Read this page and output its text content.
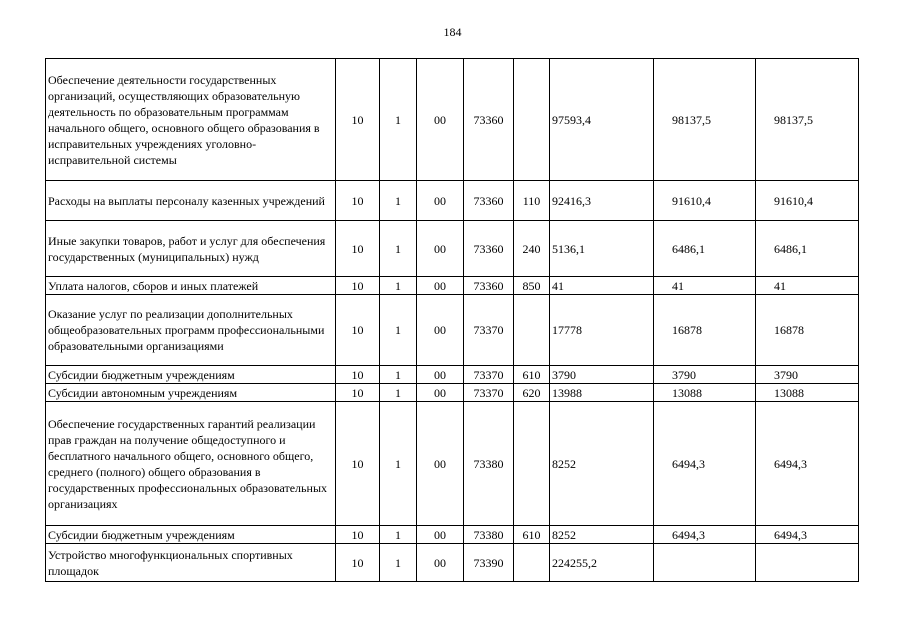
184
Обеспечение деятельности государственных организаций, осуществляющих образовательную деятельность по образовательным программам начального общего, основного общего образования в исправительных учреждениях уголовно-исправительной системы	10	1	00	73360		97593,4	98137,5	98137,5
Расходы на выплаты персоналу казенных учреждений	10	1	00	73360	110	92416,3	91610,4	91610,4
Иные закупки товаров, работ и услуг для обеспечения государственных (муниципальных) нужд	10	1	00	73360	240	5136,1	6486,1	6486,1
Уплата налогов, сборов и иных платежей	10	1	00	73360	850	41	41	41
Оказание услуг по реализации дополнительных общеобразовательных программ профессиональными образовательными организациями	10	1	00	73370		17778	16878	16878
Субсидии бюджетным учреждениям	10	1	00	73370	610	3790	3790	3790
Субсидии автономным учреждениям	10	1	00	73370	620	13988	13088	13088
Обеспечение государственных гарантий реализации прав граждан на получение общедоступного и бесплатного начального общего, основного общего, среднего (полного) общего образования в государственных профессиональных образовательных организациях	10	1	00	73380		8252	6494,3	6494,3
Субсидии бюджетным учреждениям	10	1	00	73380	610	8252	6494,3	6494,3
Устройство многофункциональных спортивных площадок	10	1	00	73390		224255,2		
